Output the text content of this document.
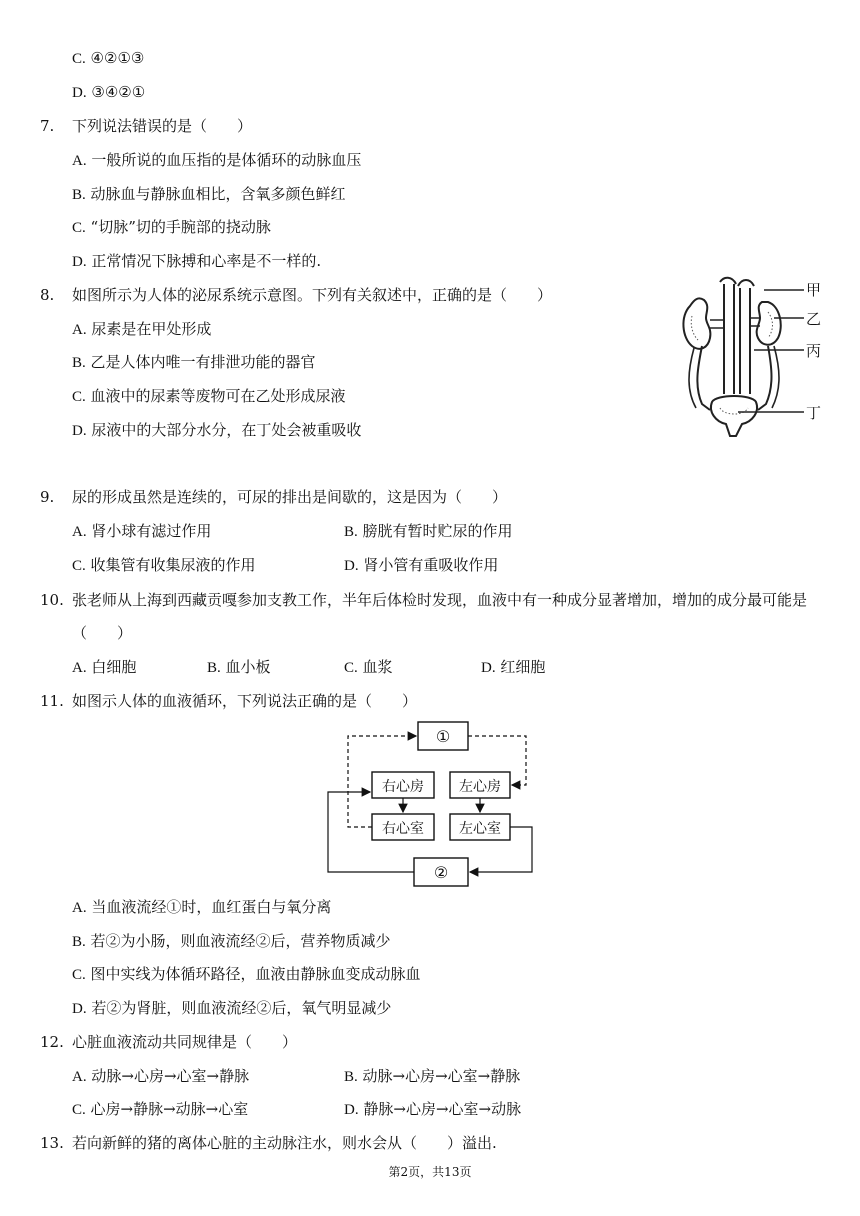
C. ④②①③
D. ③④②①
7. 下列说法错误的是（　　）
A. 一般所说的血压指的是体循环的动脉血压
B. 动脉血与静脉血相比，含氧多颜色鲜红
C. “切脉”切的手腕部的挠动脉
D. 正常情况下脉搏和心率是不一样的.
8. 如图所示为人体的泌尿系统示意图。下列有关叙述中，正确的是（　　）
A. 尿素是在甲处形成
B. 乙是人体内唯一有排泄功能的器官
C. 血液中的尿素等废物可在乙处形成尿液
D. 尿液中的大部分水分，在丁处会被重吸收
甲
乙
丙
丁
9. 尿的形成虽然是连续的，可尿的排出是间歇的，这是因为（　　）
A. 肾小球有滤过作用	B. 膀胱有暂时贮尿的作用
C. 收集管有收集尿液的作用	D. 肾小管有重吸收作用
10. 张老师从上海到西藏贡嘎参加支教工作，半年后体检时发现，血液中有一种成分显著增加，增加的成分最可能是
（　　）
A. 白细胞	B. 血小板	C. 血浆	D. 红细胞
11. 如图示人体的血液循环，下列说法正确的是（　　）
①
右心房	左心房
右心室	左心室
②
A. 当血液流经①时，血红蛋白与氧分离
B. 若②为小肠，则血液流经②后，营养物质减少
C. 图中实线为体循环路径，血液由静脉血变成动脉血
D. 若②为肾脏，则血液流经②后，氧气明显减少
12. 心脏血液流动共同规律是（　　）
A. 动脉→心房→心室→静脉	B. 动脉→心房→心室→静脉
C. 心房→静脉→动脉→心室	D. 静脉→心房→心室→动脉
13. 若向新鲜的猪的离体心脏的主动脉注水，则水会从（　　）溢出.
第2页，共13页
